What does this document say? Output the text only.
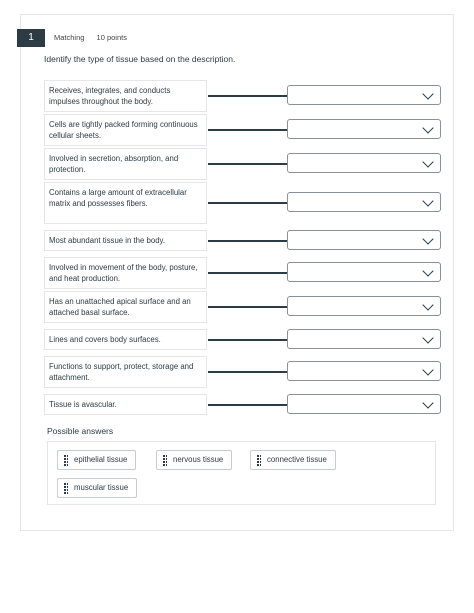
1	Matching 10 points
Identify the type of tissue based on the description.
Receives, integrates, and conducts impulses throughout the body.
Cells are tightly packed forming continuous cellular sheets.
Involved in secretion, absorption, and protection.
Contains a large amount of extracellular matrix and possesses fibers.
Most abundant tissue in the body.
Involved in movement of the body, posture, and heat production.
Has an unattached apical surface and an attached basal surface.
Lines and covers body surfaces.
Functions to support, protect, storage and attachment.
Tissue is avascular.
Possible answers
epithelial tissue	nervous tissue	connective tissue
muscular tissue
